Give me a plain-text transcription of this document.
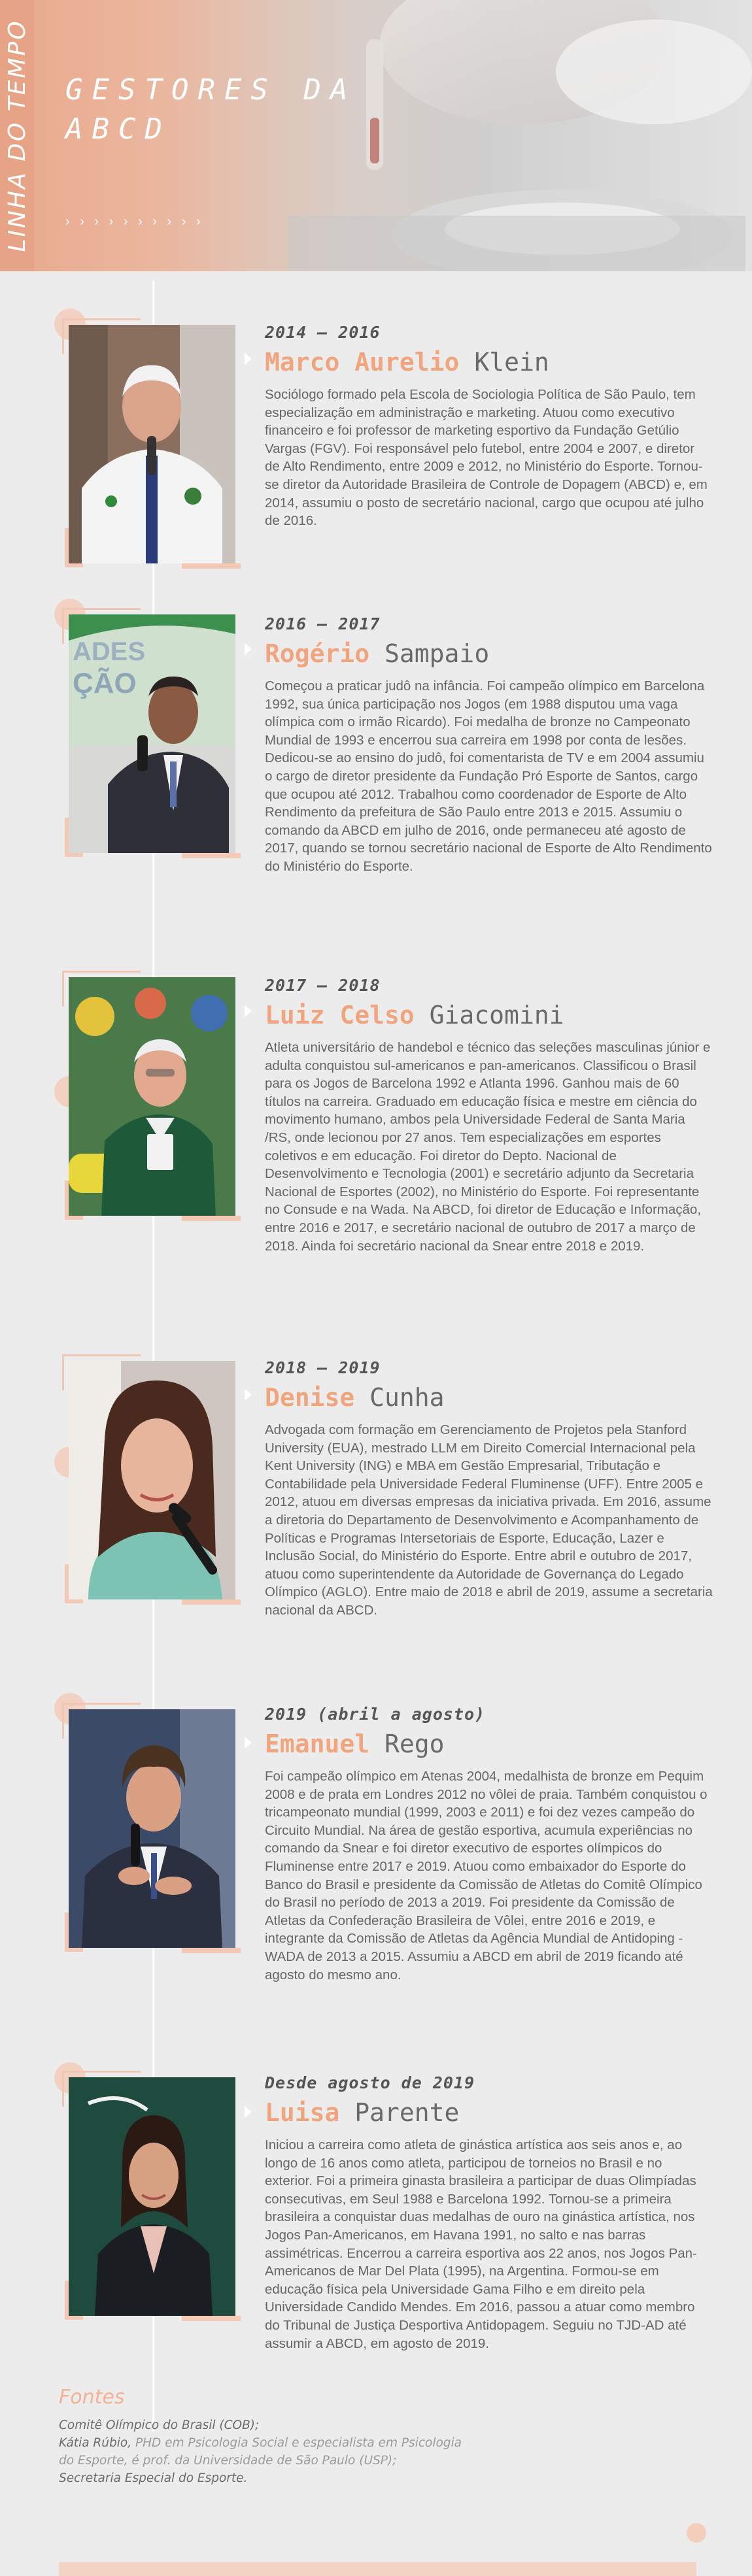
LINHA DO TEMPO GESTORES DA ABCD
› › › › › › › › › ›
2014 – 2016
Marco Aurelio Klein
Sociólogo formado pela Escola de Sociologia Política de São Paulo, tem especialização em administração e marketing. Atuou como executivo financeiro e foi professor de marketing esportivo da Fundação Getúlio Vargas (FGV). Foi responsável pelo futebol, entre 2004 e 2007, e diretor de Alto Rendimento, entre 2009 e 2012, no Ministério do Esporte. Tornou-se diretor da Autoridade Brasileira de Controle de Dopagem (ABCD) e, em 2014, assumiu o posto de secretário nacional, cargo que ocupou até julho de 2016.
ÇÃO
ADES
2016 – 2017
Rogério Sampaio
Começou a praticar judô na infância. Foi campeão olímpico em Barcelona 1992, sua única participação nos Jogos (em 1988 disputou uma vaga olímpica com o irmão Ricardo). Foi medalha de bronze no Campeonato Mundial de 1993 e encerrou sua carreira em 1998 por conta de lesões. Dedicou-se ao ensino do judô, foi comentarista de TV e em 2004 assumiu o cargo de diretor presidente da Fundação Pró Esporte de Santos, cargo que ocupou até 2012. Trabalhou como coordenador de Esporte de Alto Rendimento da prefeitura de São Paulo entre 2013 e 2015. Assumiu o comando da ABCD em julho de 2016, onde permaneceu até agosto de 2017, quando se tornou secretário nacional de Esporte de Alto Rendimento do Ministério do Esporte.
2017 – 2018
Luiz Celso Giacomini
Atleta universitário de handebol e técnico das seleções masculinas júnior e adulta conquistou sul-americanos e pan-americanos. Classificou o Brasil para os Jogos de Barcelona 1992 e Atlanta 1996. Ganhou mais de 60 títulos na carreira. Graduado em educação física e mestre em ciência do movimento humano, ambos pela Universidade Federal de Santa Maria /RS, onde lecionou por 27 anos. Tem especializações em esportes coletivos e em educação. Foi diretor do Depto. Nacional de Desenvolvimento e Tecnologia (2001) e secretário adjunto da Secretaria Nacional de Esportes (2002), no Ministério do Esporte. Foi representante no Consude e na Wada. Na ABCD, foi diretor de Educação e Informação, entre 2016 e 2017, e secretário nacional de outubro de 2017 a março de 2018. Ainda foi secretário nacional da Snear entre 2018 e 2019.
2018 – 2019
Denise Cunha
Advogada com formação em Gerenciamento de Projetos pela Stanford University (EUA), mestrado LLM em Direito Comercial Internacional pela Kent University (ING) e MBA em Gestão Empresarial, Tributação e Contabilidade pela Universidade Federal Fluminense (UFF). Entre 2005 e 2012, atuou em diversas empresas da iniciativa privada. Em 2016, assume a diretoria do Departamento de Desenvolvimento e Acompanhamento de Políticas e Programas Intersetoriais de Esporte, Educação, Lazer e Inclusão Social, do Ministério do Esporte. Entre abril e outubro de 2017, atuou como superintendente da Autoridade de Governança do Legado Olímpico (AGLO). Entre maio de 2018 e abril de 2019, assume a secretaria nacional da ABCD.
2019 (abril a agosto)
Emanuel Rego
Foi campeão olímpico em Atenas 2004, medalhista de bronze em Pequim 2008 e de prata em Londres 2012 no vôlei de praia. Também conquistou o tricampeonato mundial (1999, 2003 e 2011) e foi dez vezes campeão do Circuito Mundial. Na área de gestão esportiva, acumula experiências no comando da Snear e foi diretor executivo de esportes olímpicos do Fluminense entre 2017 e 2019. Atuou como embaixador do Esporte do Banco do Brasil e presidente da Comissão de Atletas do Comitê Olímpico do Brasil no período de 2013 a 2019. Foi presidente da Comissão de Atletas da Confederação Brasileira de Vôlei, entre 2016 e 2019, e integrante da Comissão de Atletas da Agência Mundial de Antidoping - WADA de 2013 a 2015. Assumiu a ABCD em abril de 2019 ficando até agosto do mesmo ano.
Desde agosto de 2019
Luisa Parente
Iniciou a carreira como atleta de ginástica artística aos seis anos e, ao longo de 16 anos como atleta, participou de torneios no Brasil e no exterior. Foi a primeira ginasta brasileira a participar de duas Olimpíadas consecutivas, em Seul 1988 e Barcelona 1992. Tornou-se a primeira brasileira a conquistar duas medalhas de ouro na ginástica artística, nos Jogos Pan-Americanos, em Havana 1991, no salto e nas barras assimétricas. Encerrou a carreira esportiva aos 22 anos, nos Jogos Pan-Americanos de Mar Del Plata (1995), na Argentina. Formou-se em educação física pela Universidade Gama Filho e em direito pela Universidade Candido Mendes. Em 2016, passou a atuar como membro do Tribunal de Justiça Desportiva Antidopagem. Seguiu no TJD-AD até assumir a ABCD, em agosto de 2019.
Fontes
Comitê Olímpico do Brasil (COB);
Kátia Rúbio, PHD em Psicologia Social e especialista em Psicologia
do Esporte, é prof. da Universidade de São Paulo (USP);
Secretaria Especial do Esporte.
